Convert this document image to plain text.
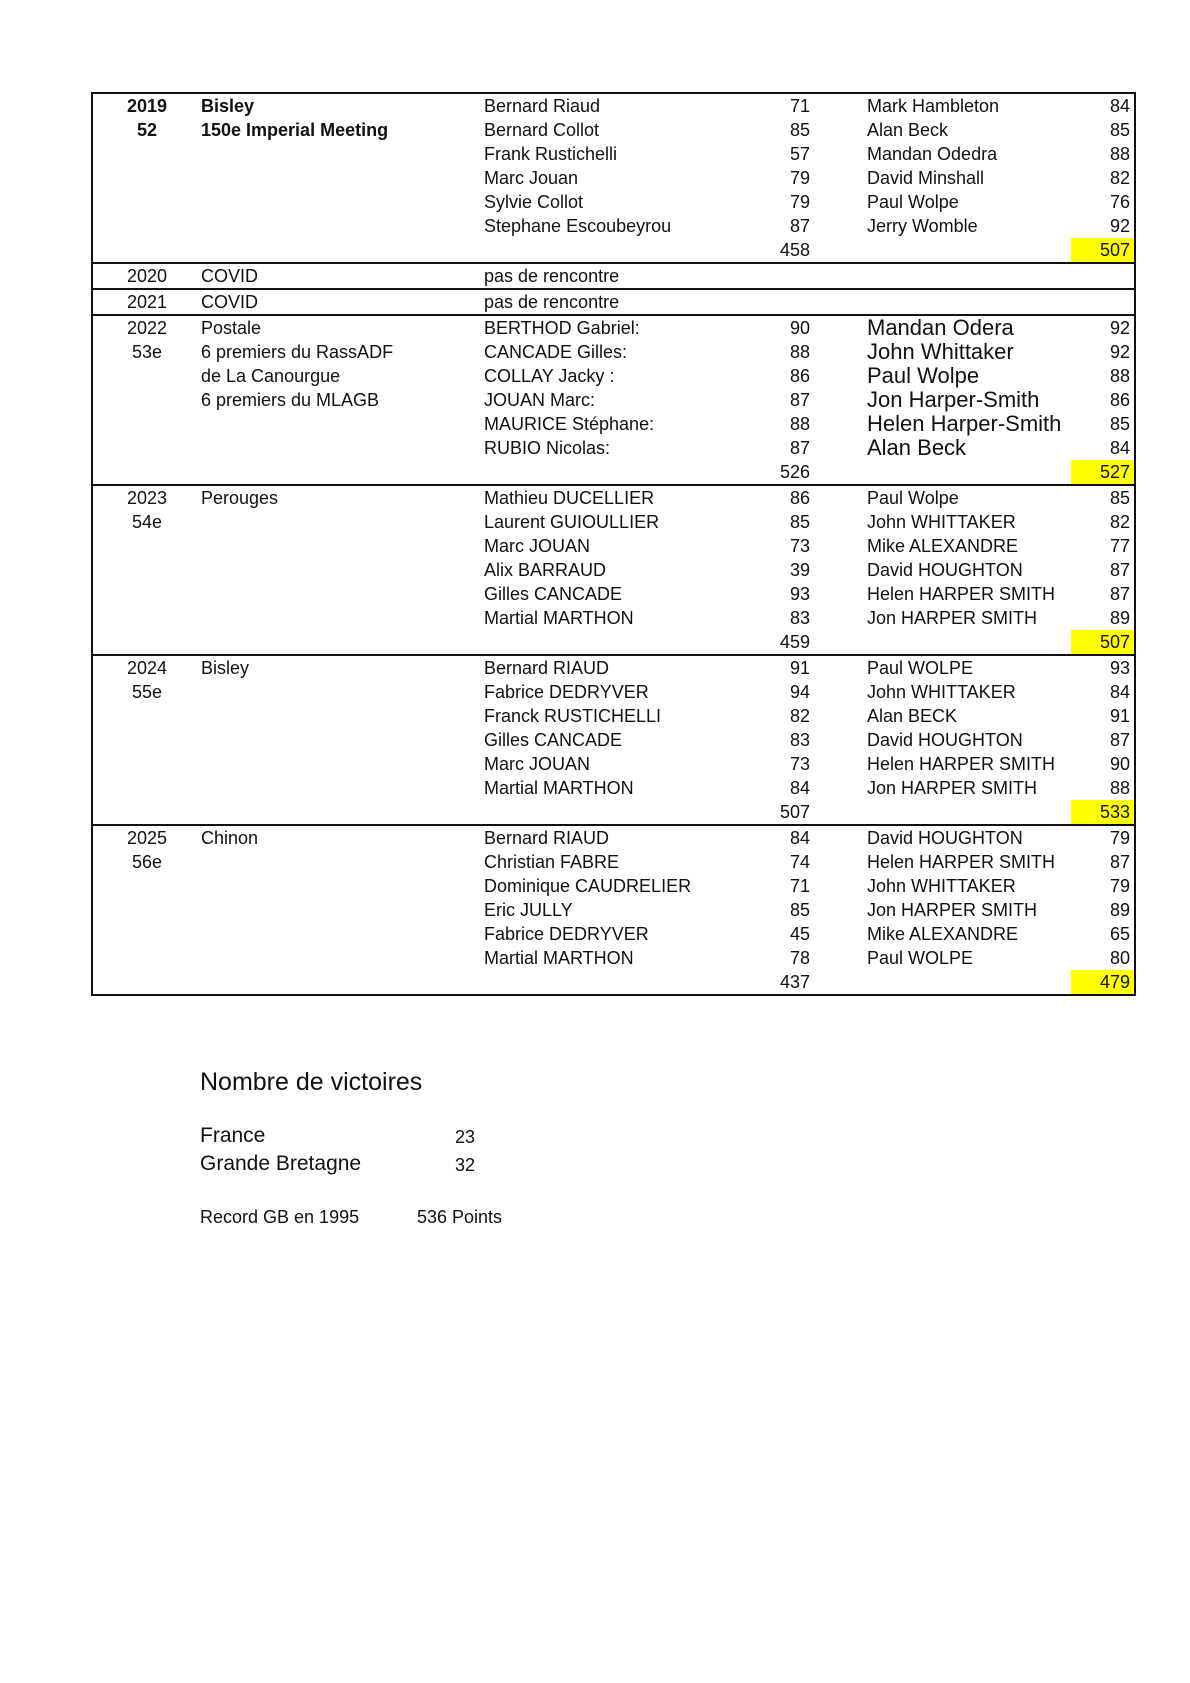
2019	Bisley	Bernard Riaud	71		Mark Hambleton	84
52	150e Imperial Meeting	Bernard Collot	85		Alan Beck	85
		Frank Rustichelli	57		Mandan Odedra	88
		Marc Jouan	79		David Minshall	82
		Sylvie Collot	79		Paul Wolpe	76
		Stephane Escoubeyrou	87		Jerry Womble	92
			458			507
2020	COVID	pas de rencontre				
2021	COVID	pas de rencontre				
2022	Postale	BERTHOD Gabriel:	90		Mandan Odera	92
53e	6 premiers du RassADF	CANCADE Gilles:	88		John Whittaker	92
	de La Canourgue	COLLAY Jacky :	86		Paul Wolpe	88
	6 premiers du MLAGB	JOUAN Marc:	87		Jon Harper-Smith	86
		MAURICE Stéphane:	88		Helen Harper-Smith	85
		RUBIO Nicolas:	87		Alan Beck	84
			526			527
2023	Perouges	Mathieu DUCELLIER	86		Paul Wolpe	85
54e		Laurent GUIOULLIER	85		John WHITTAKER	82
		Marc JOUAN	73		Mike ALEXANDRE	77
		Alix BARRAUD	39		David HOUGHTON	87
		Gilles CANCADE	93		Helen HARPER SMITH	87
		Martial MARTHON	83		Jon HARPER SMITH	89
			459			507
2024	Bisley	Bernard RIAUD	91		Paul WOLPE	93
55e		Fabrice DEDRYVER	94		John WHITTAKER	84
		Franck RUSTICHELLI	82		Alan BECK	91
		Gilles CANCADE	83		David HOUGHTON	87
		Marc JOUAN	73		Helen HARPER SMITH	90
		Martial MARTHON	84		Jon HARPER SMITH	88
			507			533
2025	Chinon	Bernard RIAUD	84		David HOUGHTON	79
56e		Christian FABRE	74		Helen HARPER SMITH	87
		Dominique CAUDRELIER	71		John WHITTAKER	79
		Eric JULLY	85		Jon HARPER SMITH	89
		Fabrice DEDRYVER	45		Mike ALEXANDRE	65
		Martial MARTHON	78		Paul WOLPE	80
			437			479
Nombre de victoires
France	23
Grande Bretagne	32
Record GB en 1995	536 Points
